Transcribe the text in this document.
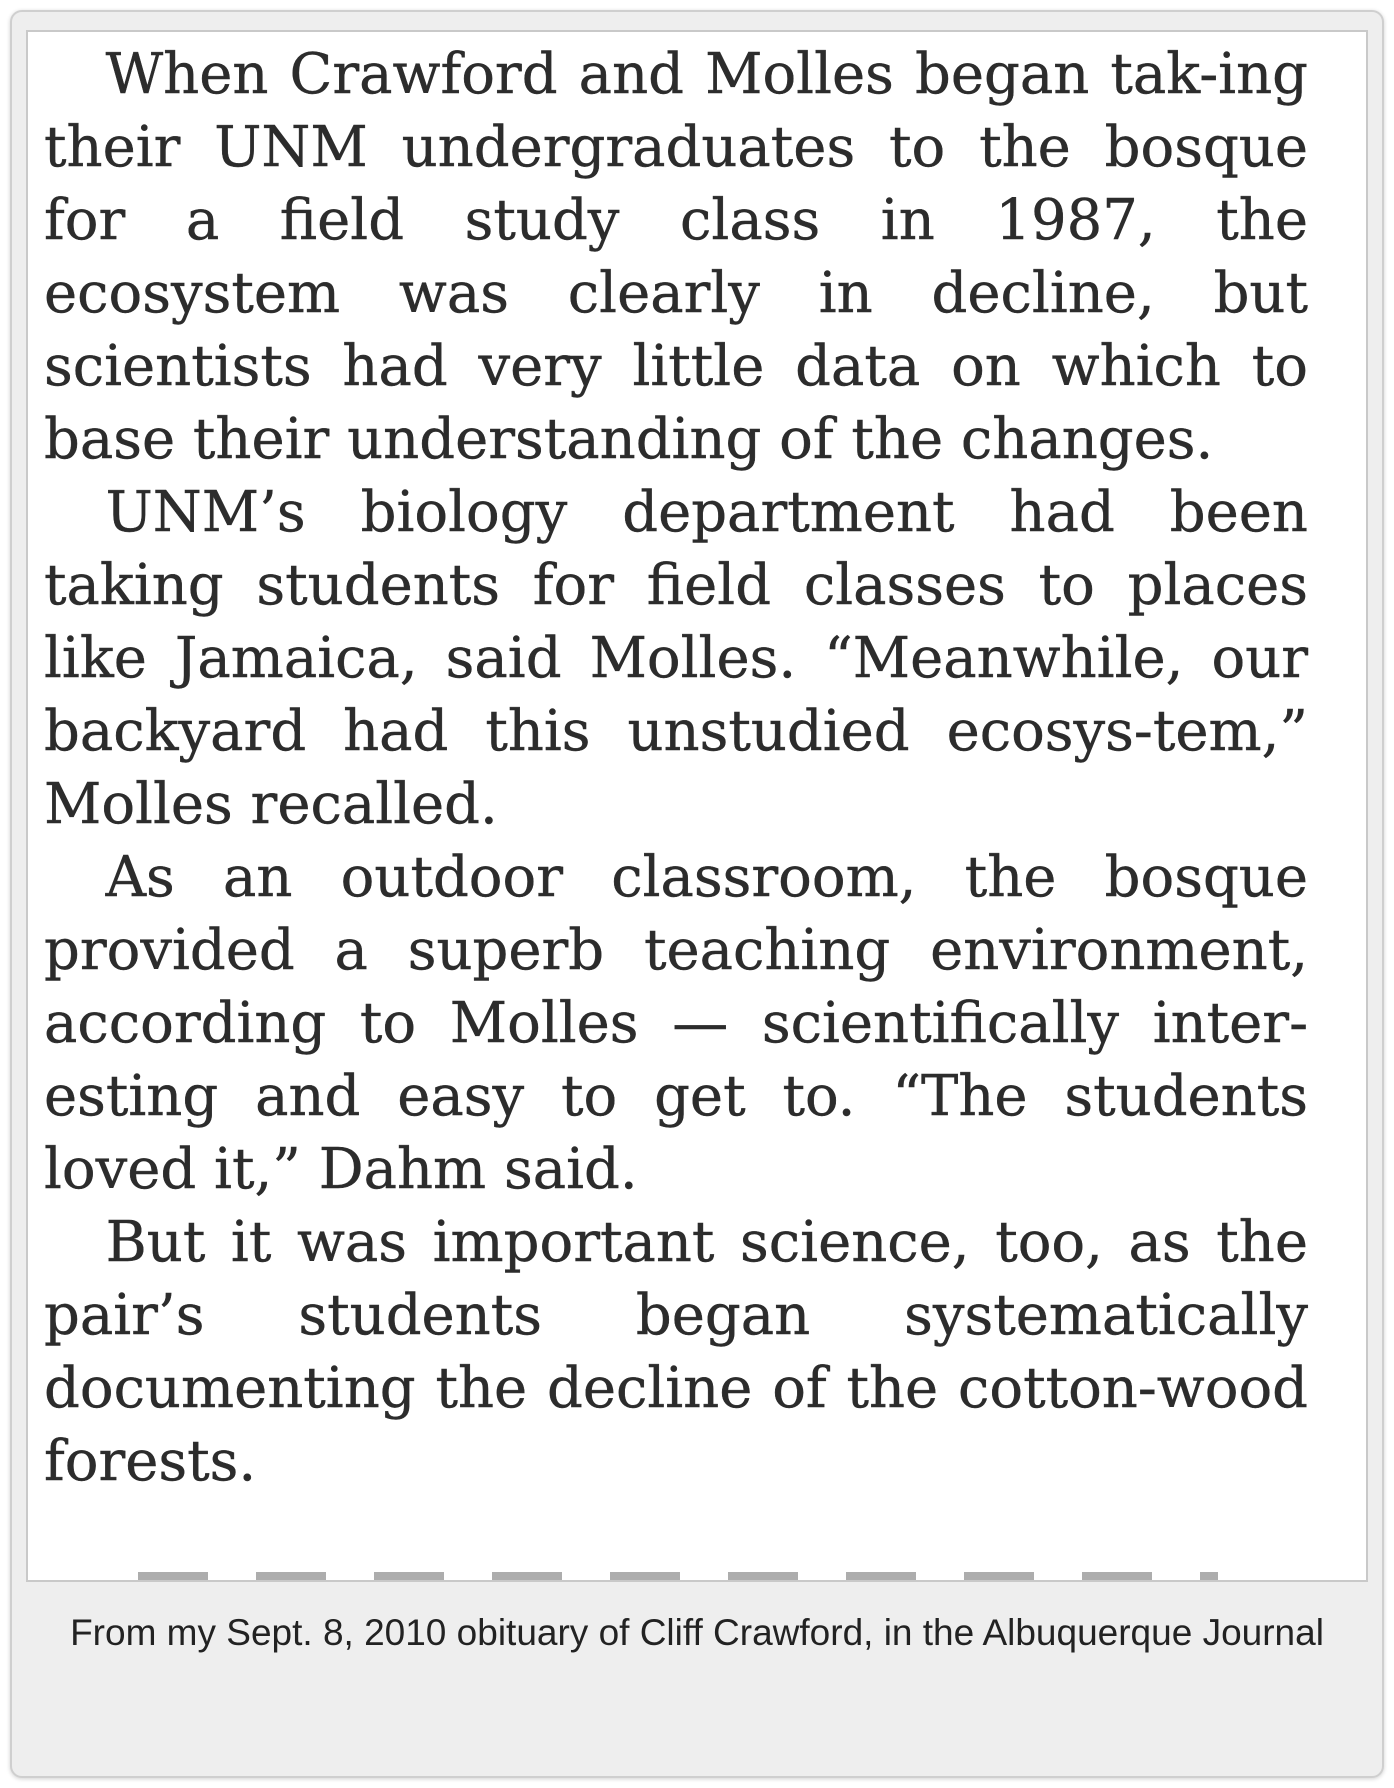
When Crawford and Molles began tak-ing their UNM undergraduates to the bosque for a field study class in 1987, the ecosystem was clearly in decline, but scientists had very little data on which to base their understanding of the changes.

UNM’s biology department had been taking students for field classes to places like Jamaica, said Molles. “Meanwhile, our backyard had this unstudied ecosys-tem,” Molles recalled.

As an outdoor classroom, the bosque provided a superb teaching environment, according to Molles — scientifically inter-esting and easy to get to. “The students loved it,” Dahm said.

But it was important science, too, as the pair’s students began systematically documenting the decline of the cotton-wood forests.

From my Sept. 8, 2010 obituary of Cliff Crawford, in the Albuquerque Journal
